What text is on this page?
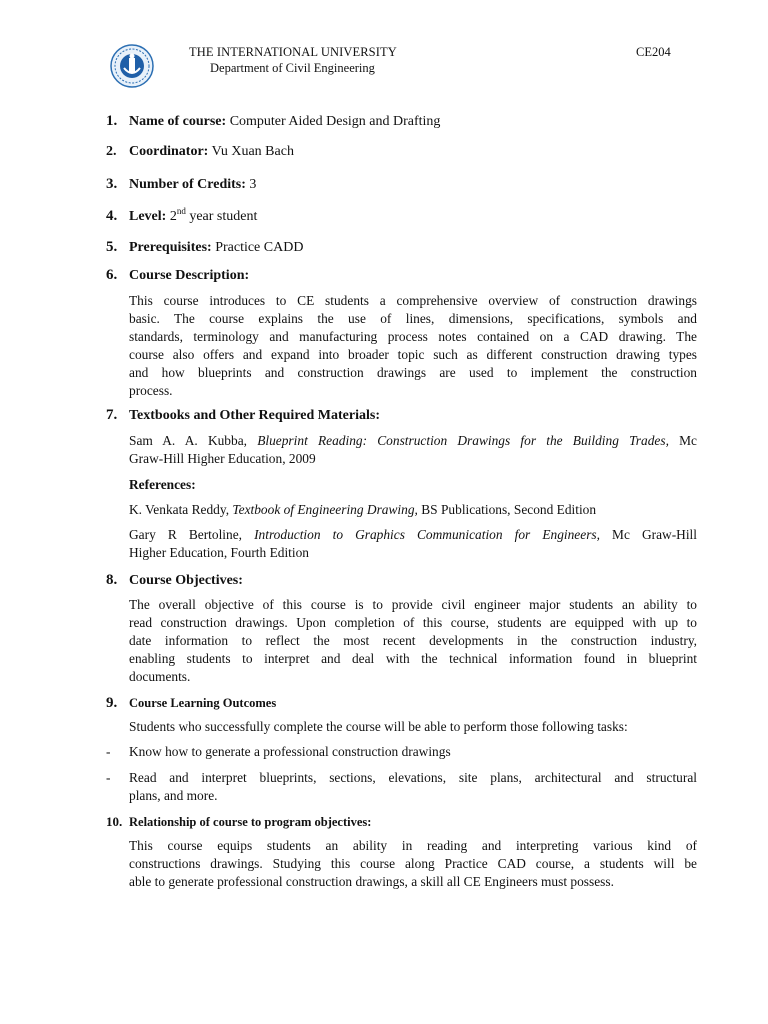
THE INTERNATIONAL UNIVERSITY
Department of Civil Engineering
CE204
1. Name of course: Computer Aided Design and Drafting
2. Coordinator: Vu Xuan Bach
3. Number of Credits: 3
4. Level: 2nd year student
5. Prerequisites: Practice CADD
6. Course Description:
This course introduces to CE students a comprehensive overview of construction drawings
basic. The course explains the use of lines, dimensions, specifications, symbols and
standards, terminology and manufacturing process notes contained on a CAD drawing. The
course also offers and expand into broader topic such as different construction drawing types
and how blueprints and construction drawings are used to implement the construction
process.
7. Textbooks and Other Required Materials:
Sam A. A. Kubba, Blueprint Reading: Construction Drawings for the Building Trades, Mc
Graw-Hill Higher Education, 2009
References:
K. Venkata Reddy, Textbook of Engineering Drawing, BS Publications, Second Edition
Gary R Bertoline, Introduction to Graphics Communication for Engineers, Mc Graw-Hill
Higher Education, Fourth Edition
8. Course Objectives:
The overall objective of this course is to provide civil engineer major students an ability to
read construction drawings. Upon completion of this course, students are equipped with up to
date information to reflect the most recent developments in the construction industry,
enabling students to interpret and deal with the technical information found in blueprint
documents.
9. Course Learning Outcomes
Students who successfully complete the course will be able to perform those following tasks:
- Know how to generate a professional construction drawings
- Read and interpret blueprints, sections, elevations, site plans, architectural and structural
plans, and more.
10. Relationship of course to program objectives:
This course equips students an ability in reading and interpreting various kind of
constructions drawings. Studying this course along Practice CAD course, a students will be
able to generate professional construction drawings, a skill all CE Engineers must possess.
